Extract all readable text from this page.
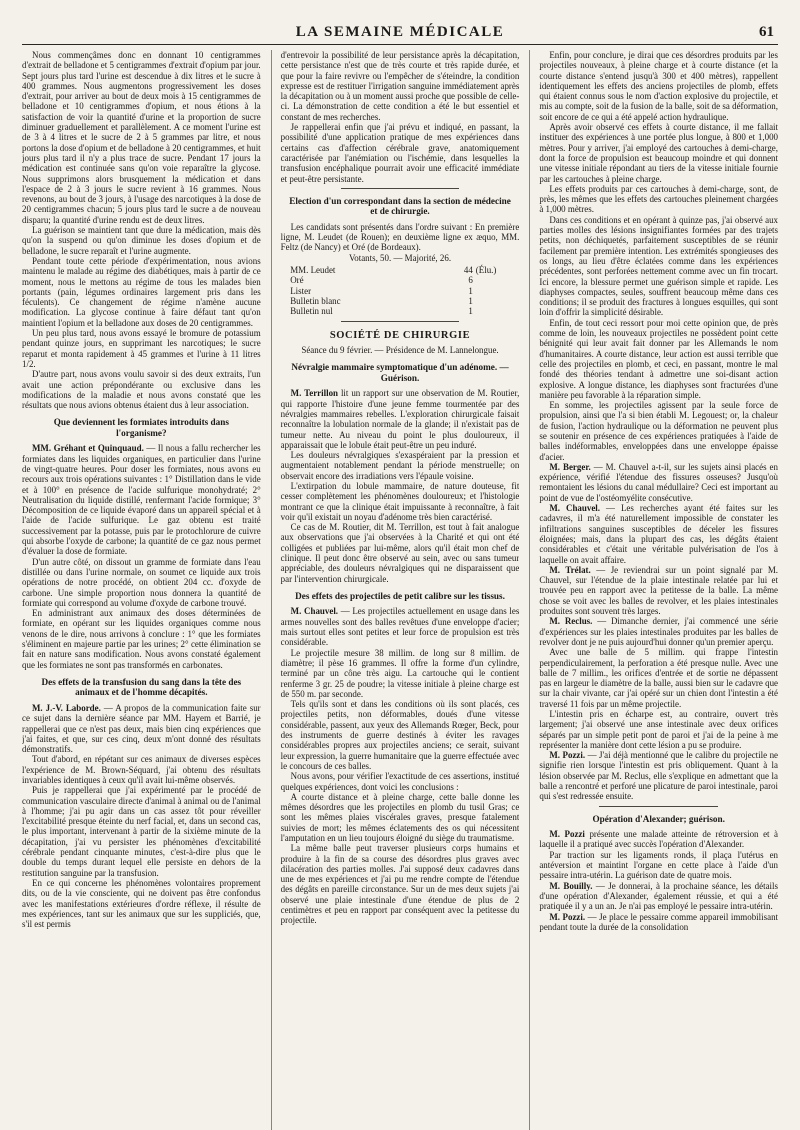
LA SEMAINE MÉDICALE	61

Nous commençâmes donc en donnant 10 centigrammes d'extrait de belladone et 5 centigrammes d'extrait d'opium par jour. Sept jours plus tard l'urine est descendue à dix litres et le sucre à 400 grammes. Nous augmentons progressivement les doses d'extrait, pour arriver au bout de deux mois à 15 centigrammes de belladone et 10 centigrammes d'opium, et nous étions à la satisfaction de voir la quantité d'urine et la proportion de sucre diminuer graduellement et parallèlement. A ce moment l'urine est de 3 à 4 litres et le sucre de 2 à 5 grammes par litre, et nous portons la dose d'opium et de belladone à 20 centigrammes, et huit jours plus tard il n'y a plus trace de sucre. Pendant 17 jours la médication est continuée sans qu'on voie reparaître la glycose. Nous supprimons alors brusquement la médication et dans l'espace de 2 à 3 jours le sucre revient à 16 grammes. Nous revenons, au bout de 3 jours, à l'usage des narcotiques à la dose de 20 centigrammes chacun; 5 jours plus tard le sucre a de nouveau disparu; la quantité d'urine rendu est de deux litres.

La guérison se maintient tant que dure la médication, mais dès qu'on la suspend ou qu'on diminue les doses d'opium et de belladone, le sucre reparaît et l'urine augmente.

Pendant toute cette période d'expérimentation, nous avions maintenu le malade au régime des diabétiques, mais à partir de ce moment, nous le mettons au régime de tous les malades bien portants (pain, légumes ordinaires largement pris dans les féculents). Ce changement de régime n'amène aucune modification. La glycose continue à faire défaut tant qu'on maintient l'opium et la belladone aux doses de 20 centigrammes.

Un peu plus tard, nous avons essayé le bromure de potassium pendant quinze jours, en supprimant les narcotiques; le sucre reparut et monta rapidement à 45 grammes et l'urine à 11 litres 1/2.

D'autre part, nous avons voulu savoir si des deux extraits, l'un avait une action prépondérante ou exclusive dans les modifications de la maladie et nous avons constaté que les résultats que nous avions obtenus étaient dus à leur association.

Que deviennent les formiates introduits dans l'organisme?

MM. Gréhant et Quinquaud. — Il nous a fallu rechercher les formiates dans les liquides organiques, en particulier dans l'urine de vingt-quatre heures. Pour doser les formiates, nous avons eu recours aux trois opérations suivantes : 1° Distillation dans le vide et à 100° en présence de l'acide sulfurique monohydraté; 2° Neutralisation du liquide distillé, renfermant l'acide formique; 3° Décomposition de ce liquide évaporé dans un appareil spécial et à l'aide de l'acide sulfurique. Le gaz obtenu est traité successivement par la potasse, puis par le protochlorure de cuivre qui absorbe l'oxyde de carbone; la quantité de ce gaz nous permet d'évaluer la dose de formiate.

D'un autre côté, on dissout un gramme de formiate dans l'eau distillée ou dans l'urine normale, on soumet ce liquide aux trois opérations de notre procédé, on obtient 204 cc. d'oxyde de carbone. Une simple proportion nous donnera la quantité de formiate qui correspond au volume d'oxyde de carbone trouvé.

En administrant aux animaux des doses déterminées de formiate, en opérant sur les liquides organiques comme nous venons de le dire, nous arrivons à conclure : 1° que les formiates s'éliminent en majeure partie par les urines; 2° cette élimination se fait en nature sans modification. Nous avons constaté également que les formiates ne sont pas transformés en carbonates.

Des effets de la transfusion du sang dans la tête des animaux et de l'homme décapités.

M. J.-V. Laborde. — A propos de la communication faite sur ce sujet dans la dernière séance par MM. Hayem et Barrié, je rappellerai que ce n'est pas deux, mais bien cinq expériences que j'ai faites, et que, sur ces cinq, deux m'ont donné des résultats démonstratifs.

Tout d'abord, en répétant sur ces animaux de diverses espèces l'expérience de M. Brown-Séquard, j'ai obtenu des résultats invariables identiques à ceux qu'il avait lui-même observés.

Puis je rappellerai que j'ai expérimenté par le procédé de communication vasculaire directe d'animal à animal ou de l'animal à l'homme; j'ai pu agir dans un cas assez tôt pour réveiller l'excitabilité presque éteinte du nerf facial, et, dans un second cas, le plus important, intervenant à partir de la sixième minute de la décapitation, j'ai vu persister les phénomènes d'excitabilité cérébrale pendant cinquante minutes, c'est-à-dire plus que le double du temps durant lequel elle persiste en dehors de la restitution sanguine par la transfusion.

En ce qui concerne les phénomènes volontaires proprement dits, ou de la vie consciente, qui ne doivent pas être confondus avec les manifestations extérieures d'ordre réflexe, il résulte de mes expériences, tant sur les animaux que sur les suppliciés, que, s'il est permis

d'entrevoir la possibilité de leur persistance après la décapitation, cette persistance n'est que de très courte et très rapide durée, et que pour la faire revivre ou l'empêcher de s'éteindre, la condition expresse est de restituer l'irrigation sanguine immédiatement après la décapitation ou à un moment aussi proche que possible de celle-ci. La démonstration de cette condition a été le but essentiel et constant de mes recherches.

Je rappellerai enfin que j'ai prévu et indiqué, en passant, la possibilité d'une application pratique de mes expériences dans certains cas d'affection cérébrale grave, anatomiquement caractérisée par l'anémiation ou l'ischémie, dans lesquelles la transfusion encéphalique pourrait avoir une efficacité immédiate et peut-être persistante.

Election d'un correspondant dans la section de médecine et de chirurgie.

Les candidats sont présentés dans l'ordre suivant : En première ligne, M. Leudet (de Rouen); en deuxième ligne ex æquo, MM. Feltz (de Nancy) et Oré (de Bordeaux).

Votants, 50. — Majorité, 26.

MM. Leudet	44	(Élu.)
Oré	6	
Lister	1	
Bulletin blanc	1	
Bulletin nul	1	
SOCIÉTÉ DE CHIRURGIE

Séance du 9 février. — Présidence de M. Lannelongue.

Névralgie mammaire symptomatique d'un adénome. — Guérison.

M. Terrillon lit un rapport sur une observation de M. Routier, qui rapporte l'histoire d'une jeune femme tourmentée par des névralgies mammaires rebelles. L'exploration chirurgicale faisait reconnaître la lobulation normale de la glande; il n'existait pas de tumeur nette. Au niveau du point le plus douloureux, il apparaissait que le lobule était peut-être un peu induré.

Les douleurs névralgiques s'exaspéraient par la pression et augmentaient notablement pendant la période menstruelle; on observait encore des irradiations vers l'épaule voisine.

L'extirpation du lobule mammaire, de nature douteuse, fit cesser complètement les phénomènes douloureux; et l'histologie montrant ce que la clinique était impuissante à reconnaître, à fait voir qu'il existait un noyau d'adénome très bien caractérisé.

Ce cas de M. Routier, dit M. Terrillon, est tout à fait analogue aux observations que j'ai observées à la Charité et qui ont été colligées et publiées par lui-même, alors qu'il était mon chef de clinique. Il peut donc être observé au sein, avec ou sans tumeur appréciable, des douleurs névralgiques qui ne disparaissent que par l'intervention chirurgicale.

Des effets des projectiles de petit calibre sur les tissus.

M. Chauvel. — Les projectiles actuellement en usage dans les armes nouvelles sont des balles revêtues d'une enveloppe d'acier; mais surtout elles sont petites et leur force de propulsion est très considérable.

Le projectile mesure 38 millim. de long sur 8 millim. de diamètre; il pèse 16 grammes. Il offre la forme d'un cylindre, terminé par un cône très aigu. La cartouche qui le contient renferme 3 gr. 25 de poudre; la vitesse initiale à pleine charge est de 550 m. par seconde.

Tels qu'ils sont et dans les conditions où ils sont placés, ces projectiles petits, non déformables, doués d'une vitesse considérable, passent, aux yeux des Allemands Rœger, Beck, pour des instruments de guerre destinés à éviter les ravages considérables propres aux projectiles anciens; ce serait, suivant leur expression, la guerre humanitaire que la guerre effectuée avec le concours de ces balles.

Nous avons, pour vérifier l'exactitude de ces assertions, institué quelques expériences, dont voici les conclusions :

A courte distance et à pleine charge, cette balle donne les mêmes désordres que les projectiles en plomb du tusil Gras; ce sont les mêmes plaies viscérales graves, presque fatalement suivies de mort; les mêmes éclatements des os qui nécessitent l'amputation en un lieu toujours éloigné du siège du traumatisme.

La même balle peut traverser plusieurs corps humains et produire à la fin de sa course des désordres plus graves avec dilacération des parties molles. J'ai supposé deux cadavres dans une de mes expériences et j'ai pu me rendre compte de l'étendue des dégâts en pareille circonstance. Sur un de mes deux sujets j'ai observé une plaie intestinale d'une étendue de plus de 2 centimètres et peu en rapport par conséquent avec la petitesse du projectile.

Enfin, pour conclure, je dirai que ces désordres produits par les projectiles nouveaux, à pleine charge et à courte distance (et la courte distance s'entend jusqu'à 300 et 400 mètres), rappellent identiquement les effets des anciens projectiles de plomb, effets qui étaient connus sous le nom d'action explosive du projectile, et mis au compte, soit de la fusion de la balle, soit de sa déformation, soit encore de ce qui a été appelé action hydraulique.

Après avoir observé ces effets à courte distance, il me fallait instituer des expériences à une portée plus longue, à 800 et 1,000 mètres. Pour y arriver, j'ai employé des cartouches à demi-charge, dont la force de propulsion est beaucoup moindre et qui donnent une vitesse initiale répondant au tiers de la vitesse initiale fournie par les cartouches à pleine charge.

Les effets produits par ces cartouches à demi-charge, sont, de près, les mêmes que les effets des cartouches pleinement chargées à 1,000 mètres.

Dans ces conditions et en opérant à quinze pas, j'ai observé aux parties molles des lésions insignifiantes formées par des trajets petits, non déchiquetés, parfaitement susceptibles de se réunir facilement par première intention. Les extrémités spongieuses des os longs, au lieu d'être éclatées comme dans les expériences précédentes, sont perforées nettement comme avec un fin trocart. Ici encore, la blessure permet une guérison simple et rapide. Les diaphyses compactes, seules, souffrent beaucoup même dans ces conditions; il se produit des fractures à longues esquilles, qui sont loin d'offrir la simplicité désirable.

Enfin, de tout ceci ressort pour moi cette opinion que, de près comme de loin, les nouveaux projectiles ne possèdent point cette bénignité qui leur avait fait donner par les Allemands le nom d'humanitaires. A courte distance, leur action est aussi terrible que celle des projectiles en plomb, et ceci, en passant, montre le mal fondé des théories tendant à admettre une soi-disant action explosive. A longue distance, les diaphyses sont fracturées d'une manière peu favorable à la réparation simple.

En somme, les projectiles agissent par la seule force de propulsion, ainsi que l'a si bien établi M. Legouest; or, la chaleur de fusion, l'action hydraulique ou la déformation ne peuvent plus se soutenir en présence de ces expériences pratiquées à l'aide de balles indéformables, enveloppées dans une enveloppe épaisse d'acier.

M. Berger. — M. Chauvel a-t-il, sur les sujets ainsi placés en expérience, vérifié l'étendue des fissures osseuses? Jusqu'où remontaient les lésions du canal médullaire? Ceci est important au point de vue de l'ostéomyélite consécutive.

M. Chauvel. — Les recherches ayant été faites sur les cadavres, il m'a été naturellement impossible de constater les infiltrations sanguines susceptibles de déceler les fissures éloignées; mais, dans la plupart des cas, les dégâts étaient considérables et c'était une véritable pulvérisation de l'os à laquelle on avait affaire.

M. Trélat. — Je reviendrai sur un point signalé par M. Chauvel, sur l'étendue de la plaie intestinale relatée par lui et trouvée peu en rapport avec la petitesse de la balle. La même chose se voit avec les balles de revolver, et les plaies intestinales produites sont souvent très larges.

M. Reclus. — Dimanche dernier, j'ai commencé une série d'expériences sur les plaies intestinales produites par les balles de revolver dont je ne puis aujourd'hui donner qu'un premier aperçu.

Avec une balle de 5 millim. qui frappe l'intestin perpendiculairement, la perforation a été presque nulle. Avec une balle de 7 millim., les orifices d'entrée et de sortie ne dépassent pas en largeur le diamètre de la balle, aussi bien sur le cadavre que sur la chair vivante, car j'ai opéré sur un chien dont l'intestin a été traversé 11 fois par un même projectile.

L'intestin pris en écharpe est, au contraire, ouvert très largement; j'ai observé une anse intestinale avec deux orifices séparés par un simple petit pont de paroi et j'ai de la peine à me représenter la manière dont cette lésion a pu se produire.

M. Pozzi. — J'ai déjà mentionné que le calibre du projectile ne signifie rien lorsque l'intestin est pris obliquement. Quant à la lésion observée par M. Reclus, elle s'explique en admettant que la balle a rencontré et perforé une plicature de paroi intestinale, paroi qui s'est redressée ensuite.

Opération d'Alexander; guérison.

M. Pozzi présente une malade atteinte de rétroversion et à laquelle il a pratiqué avec succès l'opération d'Alexander.

Par traction sur les ligaments ronds, il plaça l'utérus en antéversion et maintint l'organe en cette place à l'aide d'un pessaire intra-utérin. La guérison date de quatre mois.

M. Bouilly. — Je donnerai, à la prochaine séance, les détails d'une opération d'Alexander, également réussie, et qui a été pratiquée il y a un an. Je n'ai pas employé le pessaire intra-utérin.

M. Pozzi. — Je place le pessaire comme appareil immobilisant pendant toute la durée de la consolidation
